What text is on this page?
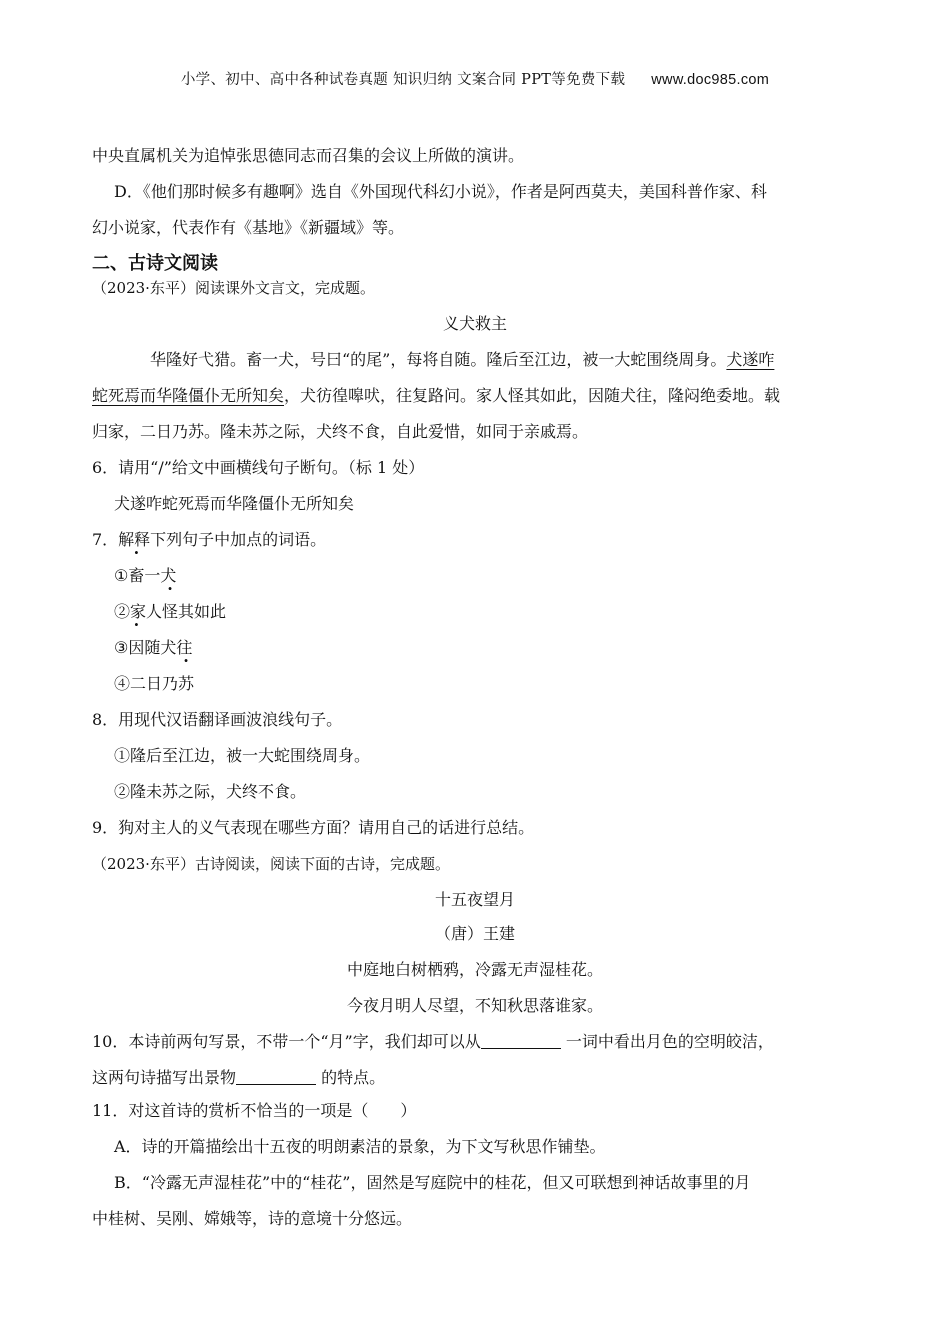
小学、初中、高中各种试卷真题 知识归纳 文案合同 PPT等免费下载 www.doc985.com

中央直属机关为追悼张思德同志而召集的会议上所做的演讲。

D．《他们那时候多有趣啊》选自《外国现代科幻小说》，作者是阿西莫夫，美国科普作家、科

幻小说家，代表作有《基地》《新疆域》等。

二、古诗文阅读

（2023·东平）阅读课外文言文，完成题。

义犬救主

华隆好弋猎。畜一犬，号曰“的尾”，每将自随。隆后至江边，被一大蛇围绕周身。犬遂咋

蛇死焉而华隆僵仆无所知矣，犬彷徨嗥吠，往复路问。家人怪其如此，因随犬往，隆闷绝委地。载

归家，二日乃苏。隆未苏之际，犬终不食，自此爱惜，如同于亲戚焉。

6．请用“/”给文中画横线句子断句。（标 1 处）

犬遂咋蛇死焉而华隆僵仆无所知矣

7．解释下列句子中加点的词语。

①畜一犬

②家人怪其如此

③因随犬往

④二日乃苏

8．用现代汉语翻译画波浪线句子。

①隆后至江边，被一大蛇围绕周身。

②隆未苏之际，犬终不食。

9．狗对主人的义气表现在哪些方面？请用自己的话进行总结。

（2023·东平）古诗阅读，阅读下面的古诗，完成题。

十五夜望月

（唐）王建

中庭地白树栖鸦，冷露无声湿桂花。

今夜月明人尽望，不知秋思落谁家。

10．本诗前两句写景，不带一个“月”字，我们却可以从	一词中看出月色的空明皎洁，

这两句诗描写出景物	的特点。

11．对这首诗的赏析不恰当的一项是（　　）

A．诗的开篇描绘出十五夜的明朗素洁的景象，为下文写秋思作铺垫。

B．“冷露无声湿桂花”中的“桂花”，固然是写庭院中的桂花，但又可联想到神话故事里的月

中桂树、吴刚、嫦娥等，诗的意境十分悠远。
